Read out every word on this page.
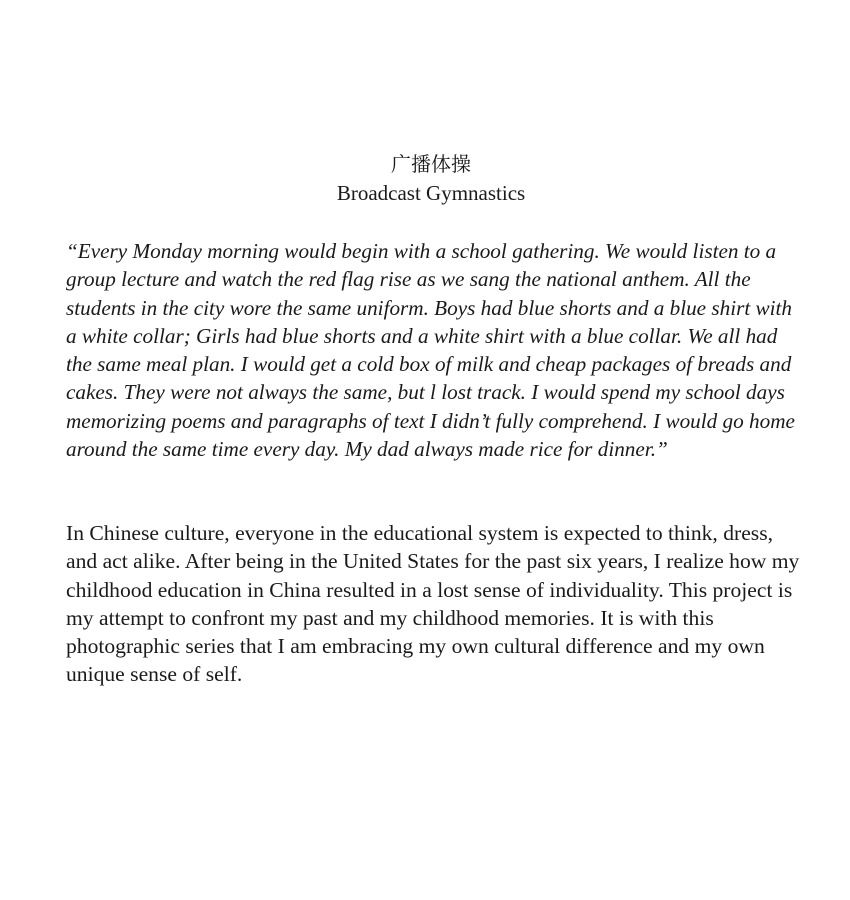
广播体操
Broadcast Gymnastics

“Every Monday morning would begin with a school gathering. We would listen to a group lecture and watch the red flag rise as we sang the national anthem. All the students in the city wore the same uniform. Boys had blue shorts and a blue shirt with a white collar; Girls had blue shorts and a white shirt with a blue collar. We all had the same meal plan. I would get a cold box of milk and cheap packages of breads and cakes. They were not always the same, but l lost track. I would spend my school days memorizing poems and paragraphs of text I didn’t fully comprehend. I would go home around the same time every day. My dad always made rice for dinner.”

In Chinese culture, everyone in the educational system is expected to think, dress, and act alike. After being in the United States for the past six years, I realize how my childhood education in China resulted in a lost sense of individuality. This project is my attempt to confront my past and my childhood memories. It is with this photographic series that I am embracing my own cultural difference and my own unique sense of self.
